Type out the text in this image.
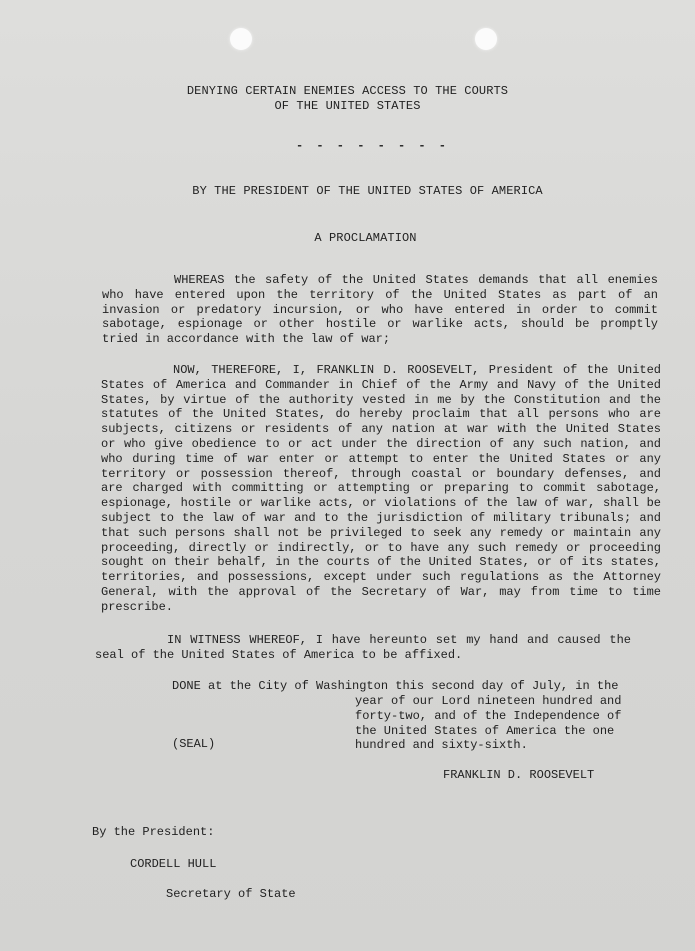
DENYING CERTAIN ENEMIES ACCESS TO THE COURTS
OF THE UNITED STATES
- - - - - - - -
BY THE PRESIDENT OF THE UNITED STATES OF AMERICA
A PROCLAMATION

WHEREAS the safety of the United States demands that all enemies who have entered upon the territory of the United States as part of an invasion or predatory incursion, or who have entered in order to commit sabotage, espionage or other hostile or warlike acts, should be promptly tried in accordance with the law of war;

NOW, THEREFORE, I, FRANKLIN D. ROOSEVELT, President of the United States of America and Commander in Chief of the Army and Navy of the United States, by virtue of the authority vested in me by the Constitution and the statutes of the United States, do hereby proclaim that all persons who are subjects, citizens or residents of any nation at war with the United States or who give obedience to or act under the direction of any such nation, and who during time of war enter or attempt to enter the United States or any territory or possession thereof, through coastal or boundary defenses, and are charged with committing or attempting or preparing to commit sabotage, espionage, hostile or warlike acts, or violations of the law of war, shall be subject to the law of war and to the jurisdiction of military tribunals; and that such persons shall not be privileged to seek any remedy or maintain any proceeding, directly or indirectly, or to have any such remedy or proceeding sought on their behalf, in the courts of the United States, or of its states, territories, and possessions, except under such regulations as the Attorney General, with the approval of the Secretary of War, may from time to time prescribe.

IN WITNESS WHEREOF, I have hereunto set my hand and caused the seal of the United States of America to be affixed.

DONE at the City of Washington this second day of July, in the

year of our Lord nineteen hundred and forty-two, and of the Independence of the United States of America the one hundred and sixty-sixth.

(SEAL)
FRANKLIN D. ROOSEVELT
By the President:
CORDELL HULL
Secretary of State
